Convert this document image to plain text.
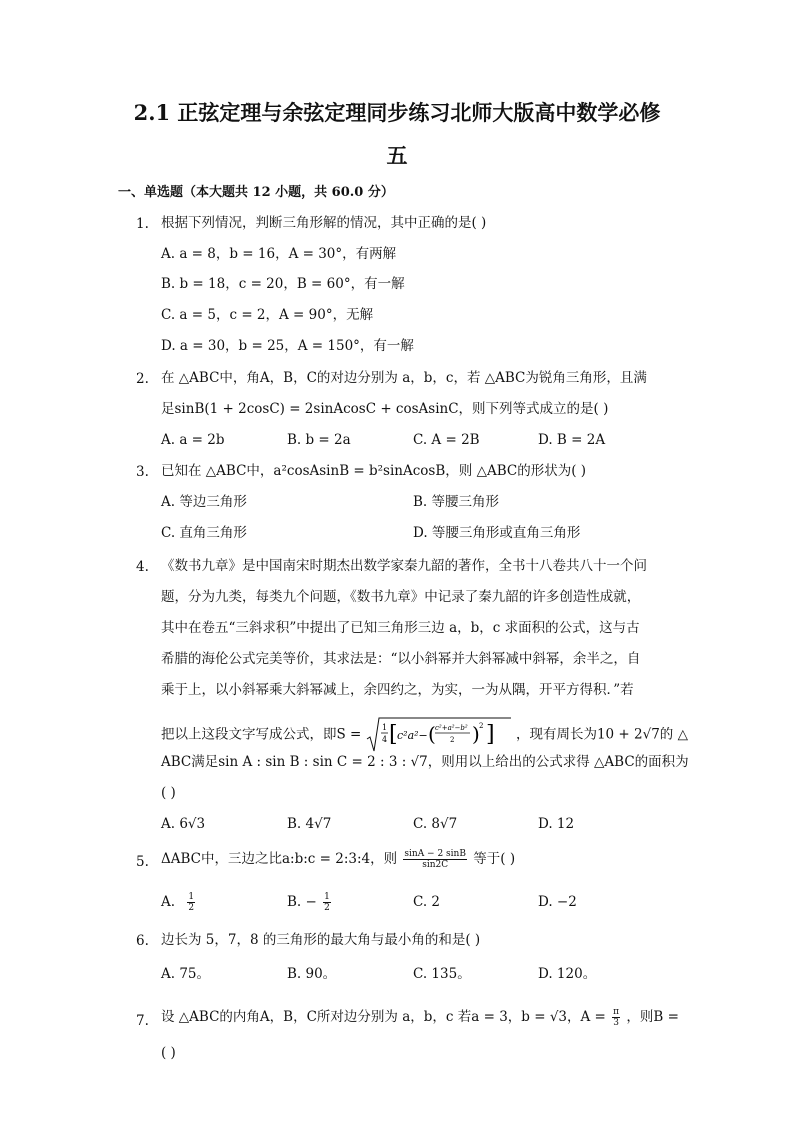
2.1 正弦定理与余弦定理同步练习北师大版高中数学必修
五
一、单选题（本大题共 12 小题，共 60.0 分）
1. 根据下列情况，判断三角形解的情况，其中正确的是( )
A. a = 8，b = 16，A = 30°，有两解
B. b = 18，c = 20，B = 60°，有一解
C. a = 5，c = 2，A = 90°，无解
D. a = 30，b = 25，A = 150°，有一解
2. 在 △ABC中，角A，B，C的对边分别为 a，b，c，若 △ABC为锐角三角形，且满
足sinB(1 + 2cosC) = 2sinAcosC + cosAsinC，则下列等式成立的是( )
A. a = 2b	B. b = 2a	C. A = 2B	D. B = 2A
3. 已知在 △ABC中，a²cosAsinB = b²sinAcosB，则 △ABC的形状为( )
A. 等边三角形	B. 等腰三角形
C. 直角三角形	D. 等腰三角形或直角三角形
4. 《数书九章》是中国南宋时期杰出数学家秦九韶的著作，全书十八卷共八十一个问
题，分为九类，每类九个问题，《数书九章》中记录了秦九韶的许多创造性成就，
其中在卷五“三斜求积”中提出了已知三角形三边 a，b，c 求面积的公式，这与古
希腊的海伦公式完美等价，其求法是：“以小斜幂并大斜幂减中斜幂，余半之，自
乘于上，以小斜幂乘大斜幂减上，余四约之，为实，一为从隅，开平方得积．”若
把以上这段文字写成公式，即S =	1
4 [ c²a²− ( c²+a²−b²
2 ) 2 ] ，现有周长为10 + 2√7的 △
ABC满足sin A : sin B : sin C = 2 : 3 : √7，则用以上给出的公式求得 △ABC的面积为
( )
A. 6√3	B. 4√7	C. 8√7	D. 12
5. ΔABC中，三边之比a:b:c = 2:3:4，则 $\frac{\sin A - 2 \sin B}{\sin 2C}$ 等于( )
A. $\frac{1}{2}$	B. − $\frac{1}{2}$	C. 2	D. −2
6. 边长为 5，7，8 的三角形的最大角与最小角的和是( )
A. 75。	B. 90。	C. 135。	D. 120。
7. 设 △ABC的内角A，B，C所对边分别为 a，b，c 若a = 3，b = √3，$A = \frac{\pi}{3}$ ，则B =
( )
